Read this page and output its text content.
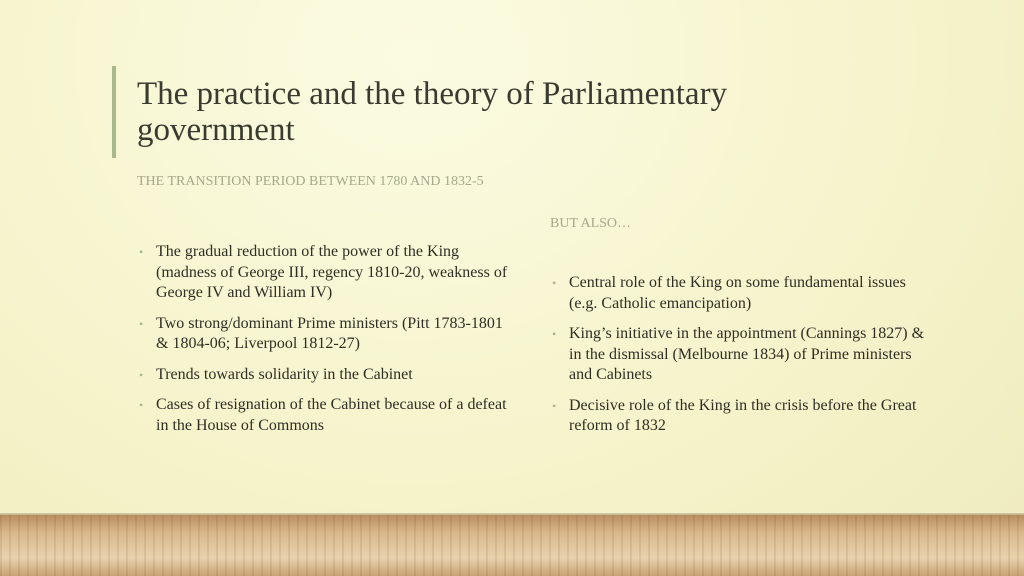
The practice and the theory of Parliamentary government
THE TRANSITION PERIOD BETWEEN 1780 AND 1832-5
• The gradual reduction of the power of the King (madness of George III, regency 1810-20, weakness of George IV and William IV)
• Two strong/dominant Prime ministers (Pitt 1783-1801 & 1804-06; Liverpool 1812-27)
• Trends towards solidarity in the Cabinet
• Cases of resignation of the Cabinet because of a defeat in the House of Commons
BUT ALSO…
• Central role of the King on some fundamental issues (e.g. Catholic emancipation)
• King’s initiative in the appointment (Cannings 1827) & in the dismissal (Melbourne 1834) of Prime ministers and Cabinets
• Decisive role of the King in the crisis before the Great reform of 1832
